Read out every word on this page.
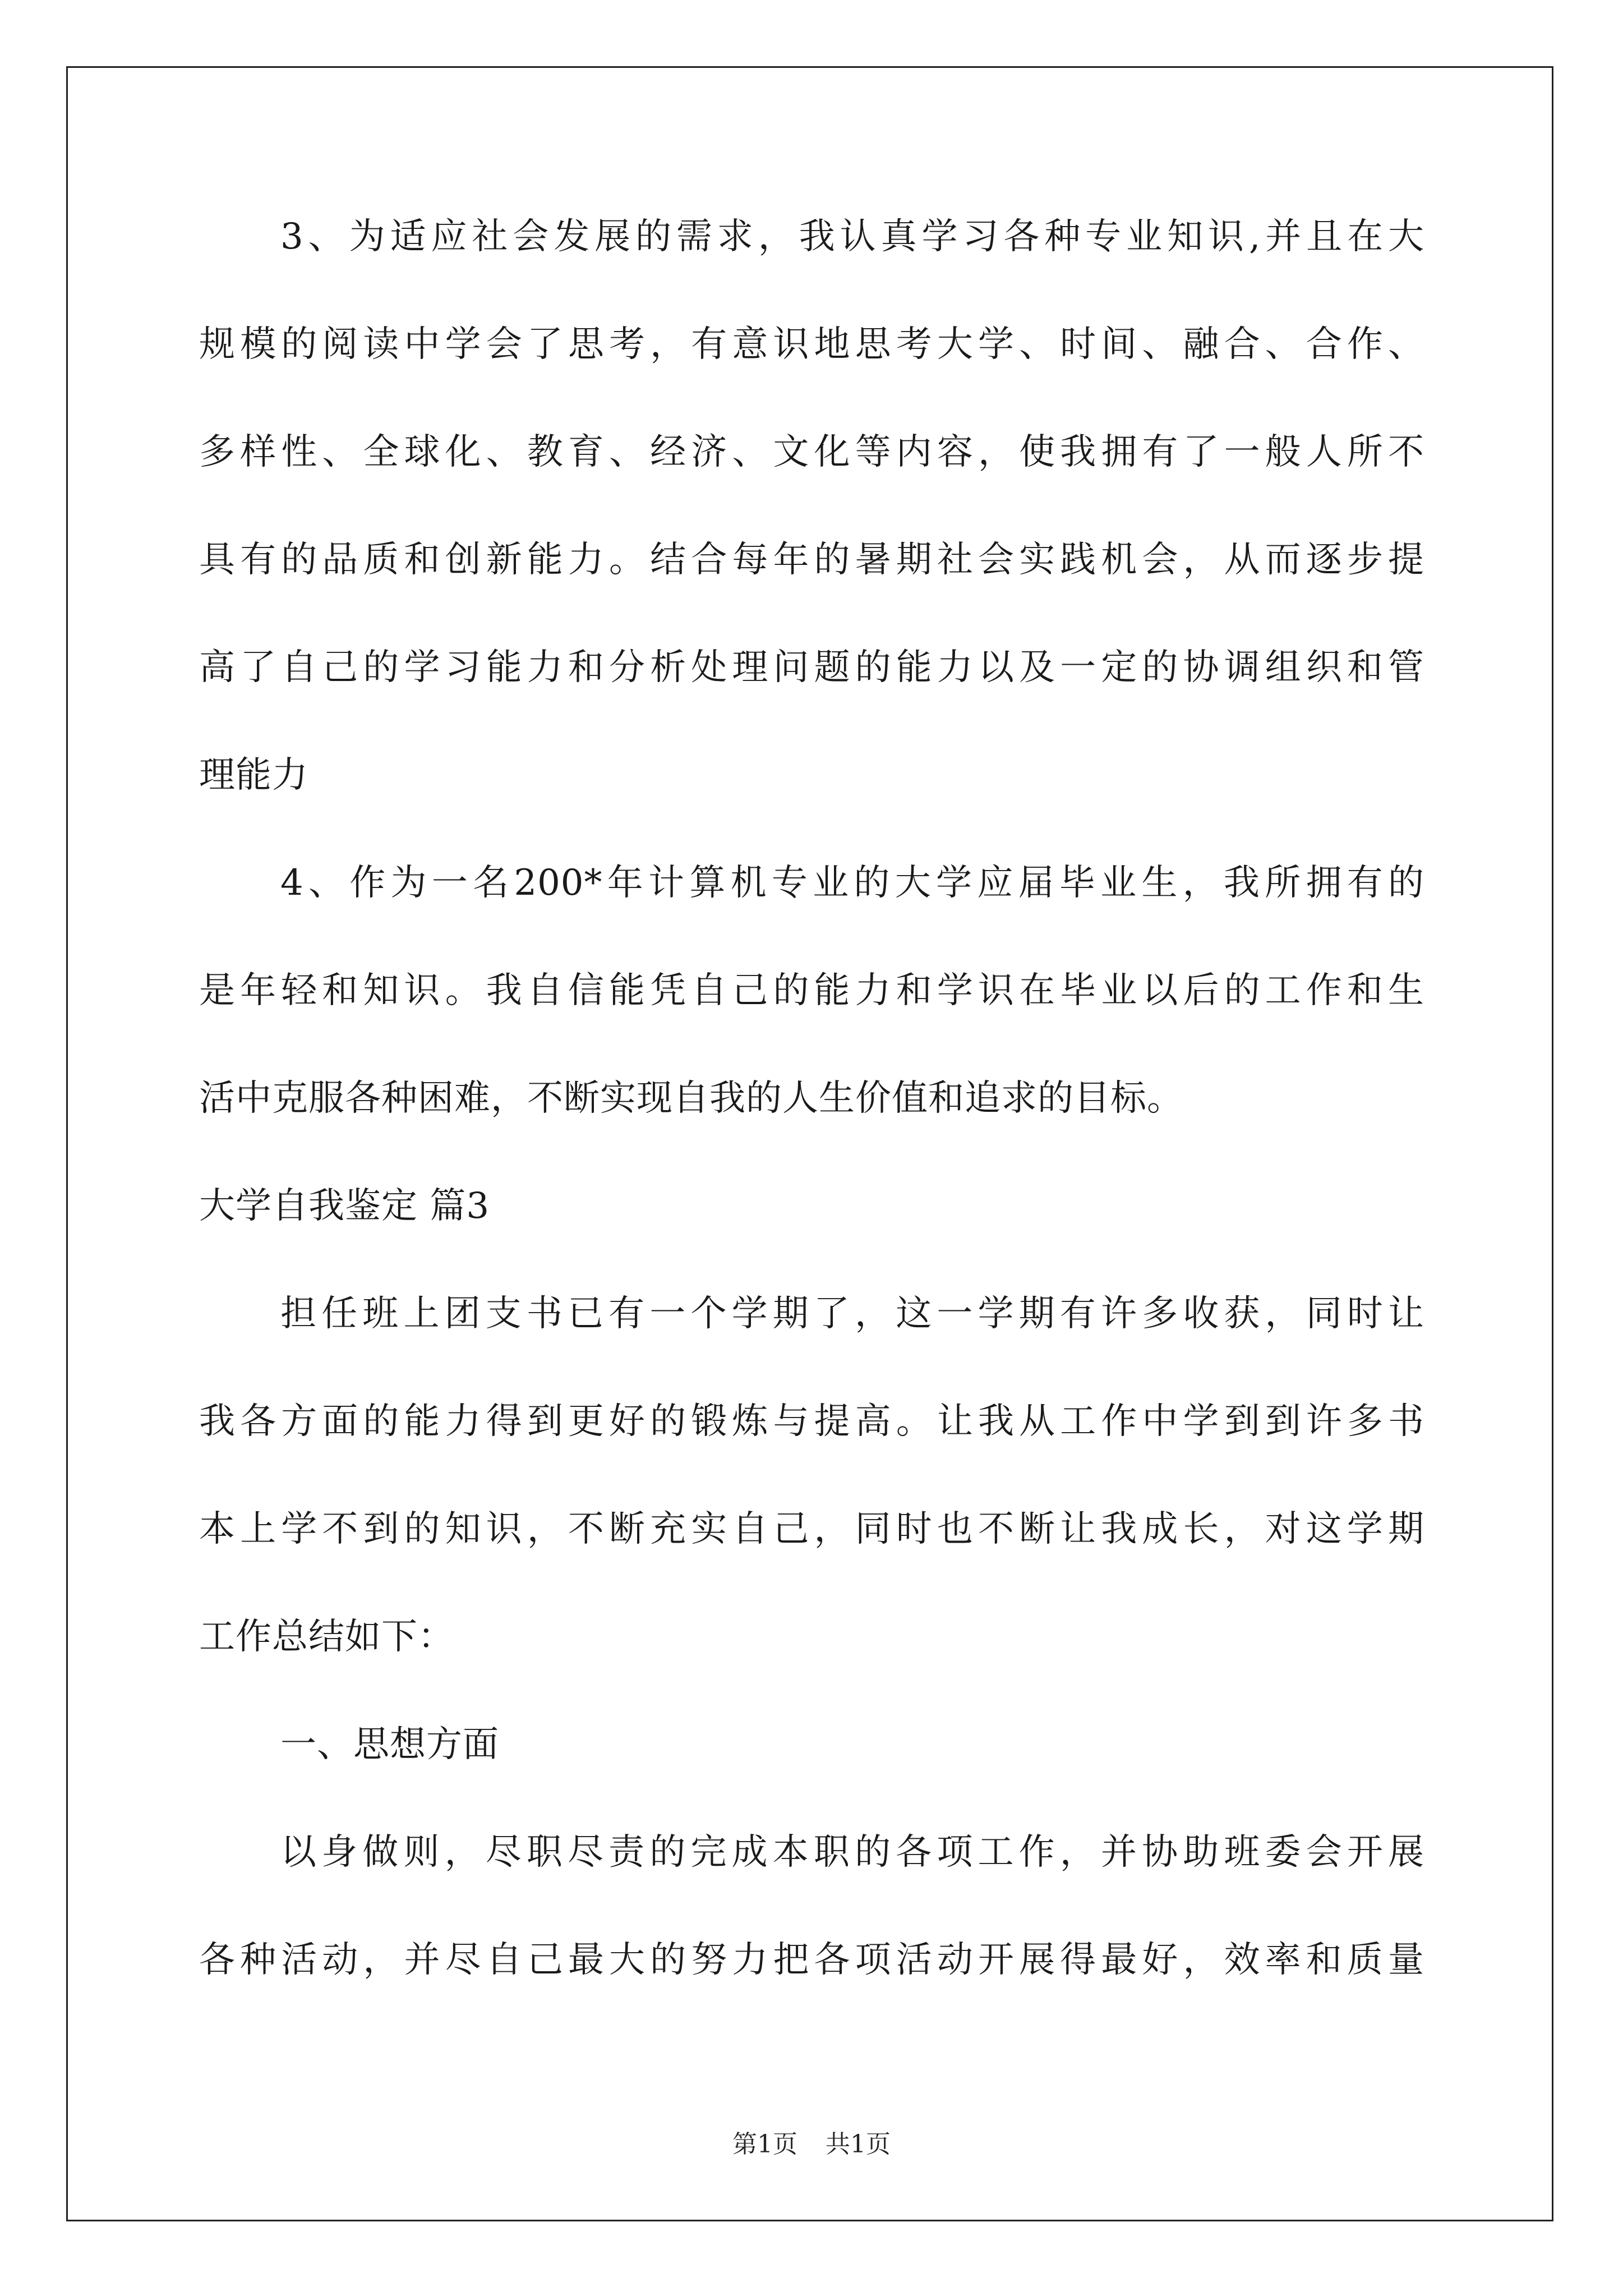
3、为适应社会发展的需求，我认真学习各种专业知识,并且在大
规模的阅读中学会了思考，有意识地思考大学、时间、融合、合作、
多样性、全球化、教育、经济、文化等内容，使我拥有了一般人所不
具有的品质和创新能力。结合每年的暑期社会实践机会，从而逐步提
高了自己的学习能力和分析处理问题的能力以及一定的协调组织和管
理能力
4、作为一名200*年计算机专业的大学应届毕业生，我所拥有的
是年轻和知识。我自信能凭自己的能力和学识在毕业以后的工作和生
活中克服各种困难，不断实现自我的人生价值和追求的目标。
大学自我鉴定 篇3
担任班上团支书已有一个学期了，这一学期有许多收获，同时让
我各方面的能力得到更好的锻炼与提高。让我从工作中学到到许多书
本上学不到的知识，不断充实自己，同时也不断让我成长，对这学期
工作总结如下：
一、思想方面
以身做则，尽职尽责的完成本职的各项工作，并协助班委会开展
各种活动，并尽自己最大的努力把各项活动开展得最好，效率和质量
第1页 共1页
